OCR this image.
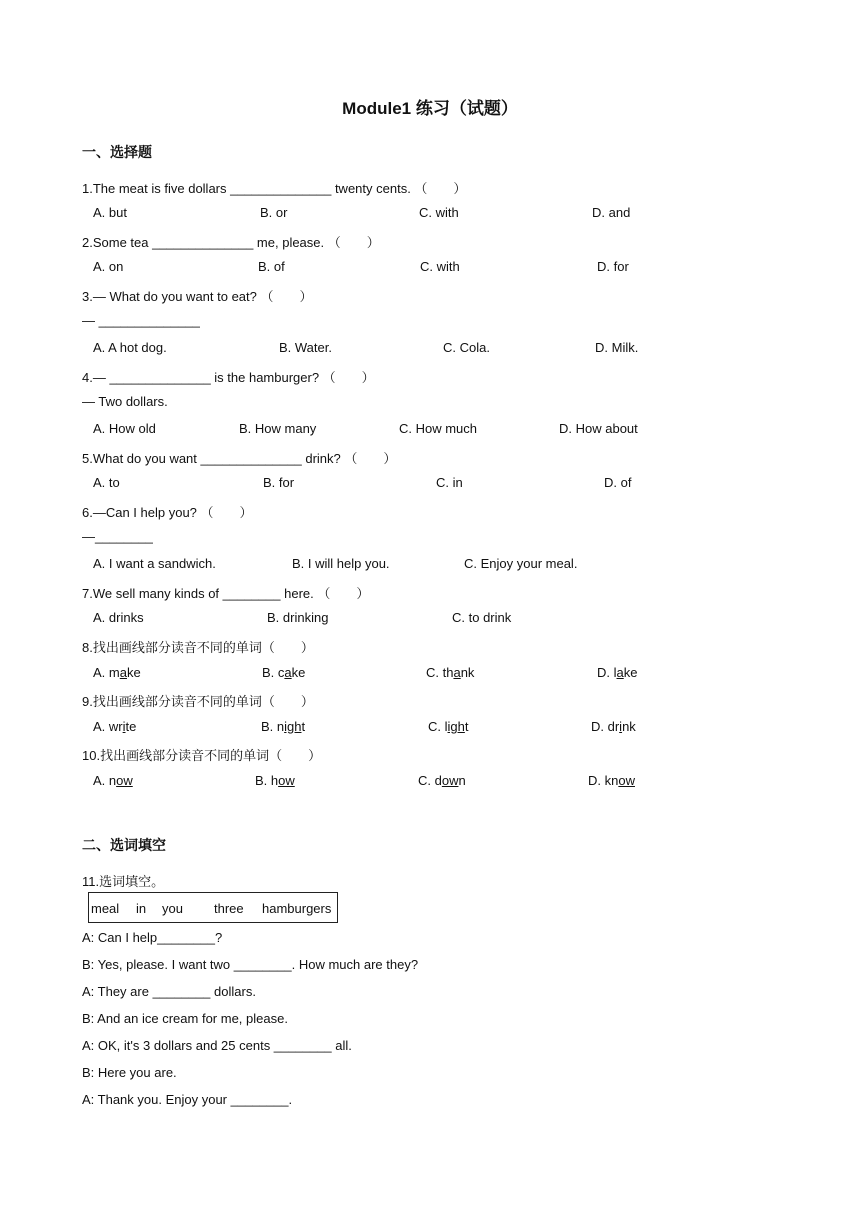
Module1 练习（试题）
一、选择题
1.The meat is five dollars ______________ twenty cents. （　　）
A. but	B. or	C. with	D. and
2.Some tea ______________ me, please. （　　）
A. on	B. of	C. with	D. for
3.— What do you want to eat? （　　）
— ______________
A. A hot dog.	B. Water.	C. Cola.	D. Milk.
4.— ______________ is the hamburger? （　　）
— Two dollars.
A. How old	B. How many	C. How much	D. How about
5.What do you want ______________ drink? （　　）
A. to	B. for	C. in	D. of
6.—Can I help you? （　　）
—________
A. I want a sandwich.	B. I will help you.	C. Enjoy your meal.
7.We sell many kinds of ________ here. （　　）
A. drinks	B. drinking	C. to drink
8.找出画线部分读音不同的单词（　　）
A. make	B. cake	C. thank	D. lake
9.找出画线部分读音不同的单词（　　）
A. write	B. night	C. light	D. drink
10.找出画线部分读音不同的单词（　　）
A. now	B. how	C. down	D. know
二、选词填空
11.选词填空。
meal in you three hamburgers
A: Can I help________?
B: Yes, please. I want two ________. How much are they?
A: They are ________ dollars.
B: And an ice cream for me, please.
A: OK, it's 3 dollars and 25 cents ________ all.
B: Here you are.
A: Thank you. Enjoy your ________.
